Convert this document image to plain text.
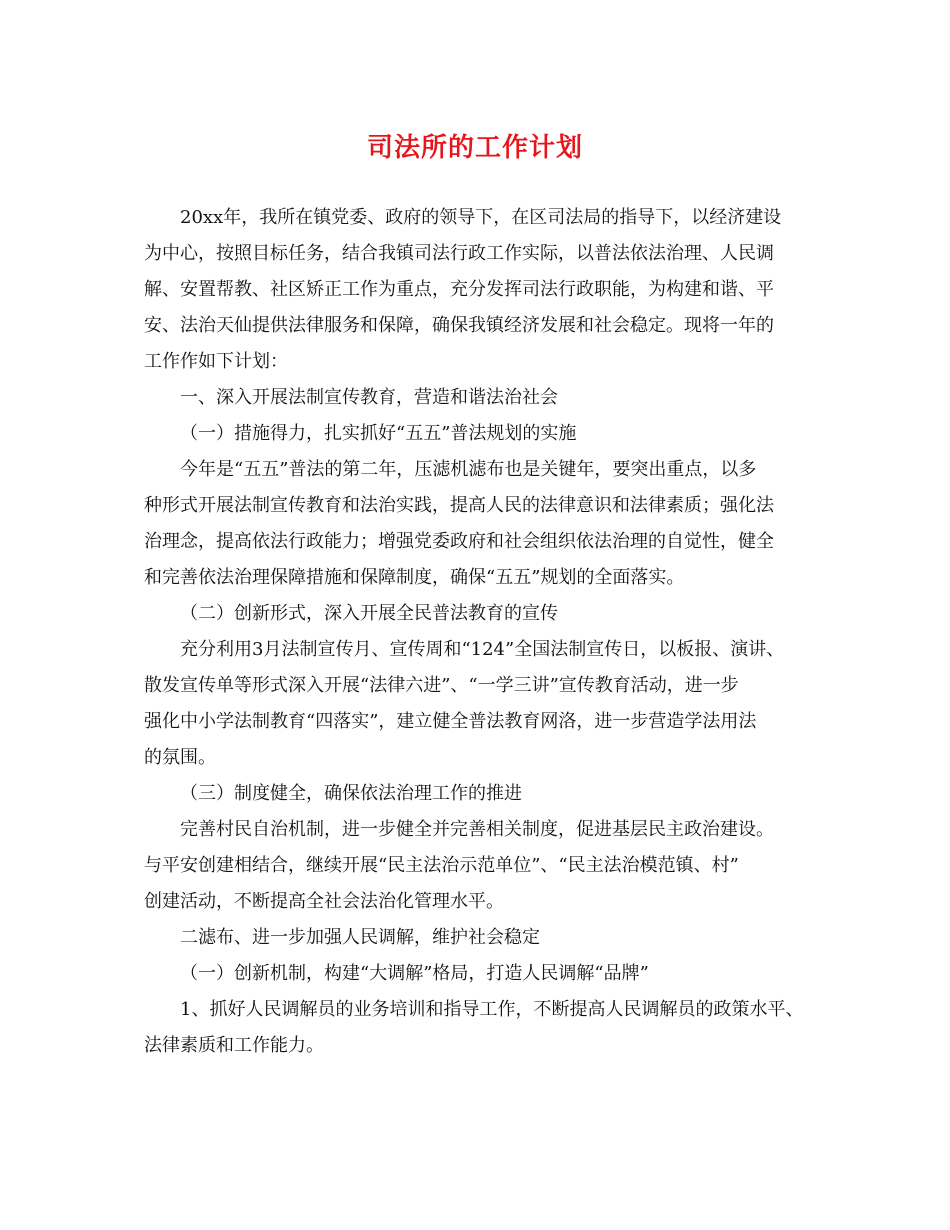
司法所的工作计划
20xx年，我所在镇党委、政府的领导下，在区司法局的指导下，以经济建设
为中心，按照目标任务，结合我镇司法行政工作实际，以普法依法治理、人民调
解、安置帮教、社区矫正工作为重点，充分发挥司法行政职能，为构建和谐、平
安、法治天仙提供法律服务和保障，确保我镇经济发展和社会稳定。现将一年的
工作作如下计划：
一、深入开展法制宣传教育，营造和谐法治社会
（一）措施得力，扎实抓好“五五”普法规划的实施
今年是“五五”普法的第二年，压滤机滤布也是关键年，要突出重点，以多
种形式开展法制宣传教育和法治实践，提高人民的法律意识和法律素质；强化法
治理念，提高依法行政能力；增强党委政府和社会组织依法治理的自觉性，健全
和完善依法治理保障措施和保障制度，确保“五五”规划的全面落实。
（二）创新形式，深入开展全民普法教育的宣传
充分利用3月法制宣传月、宣传周和“124”全国法制宣传日，以板报、演讲、
散发宣传单等形式深入开展“法律六进”、“一学三讲”宣传教育活动，进一步
强化中小学法制教育“四落实”，建立健全普法教育网洛，进一步营造学法用法
的氛围。
（三）制度健全，确保依法治理工作的推进
完善村民自治机制，进一步健全并完善相关制度，促进基层民主政治建设。
与平安创建相结合，继续开展“民主法治示范单位”、“民主法治模范镇、村”
创建活动，不断提高全社会法治化管理水平。
二滤布、进一步加强人民调解，维护社会稳定
（一）创新机制，构建“大调解”格局，打造人民调解“品牌”
1、抓好人民调解员的业务培训和指导工作，不断提高人民调解员的政策水平、
法律素质和工作能力。
